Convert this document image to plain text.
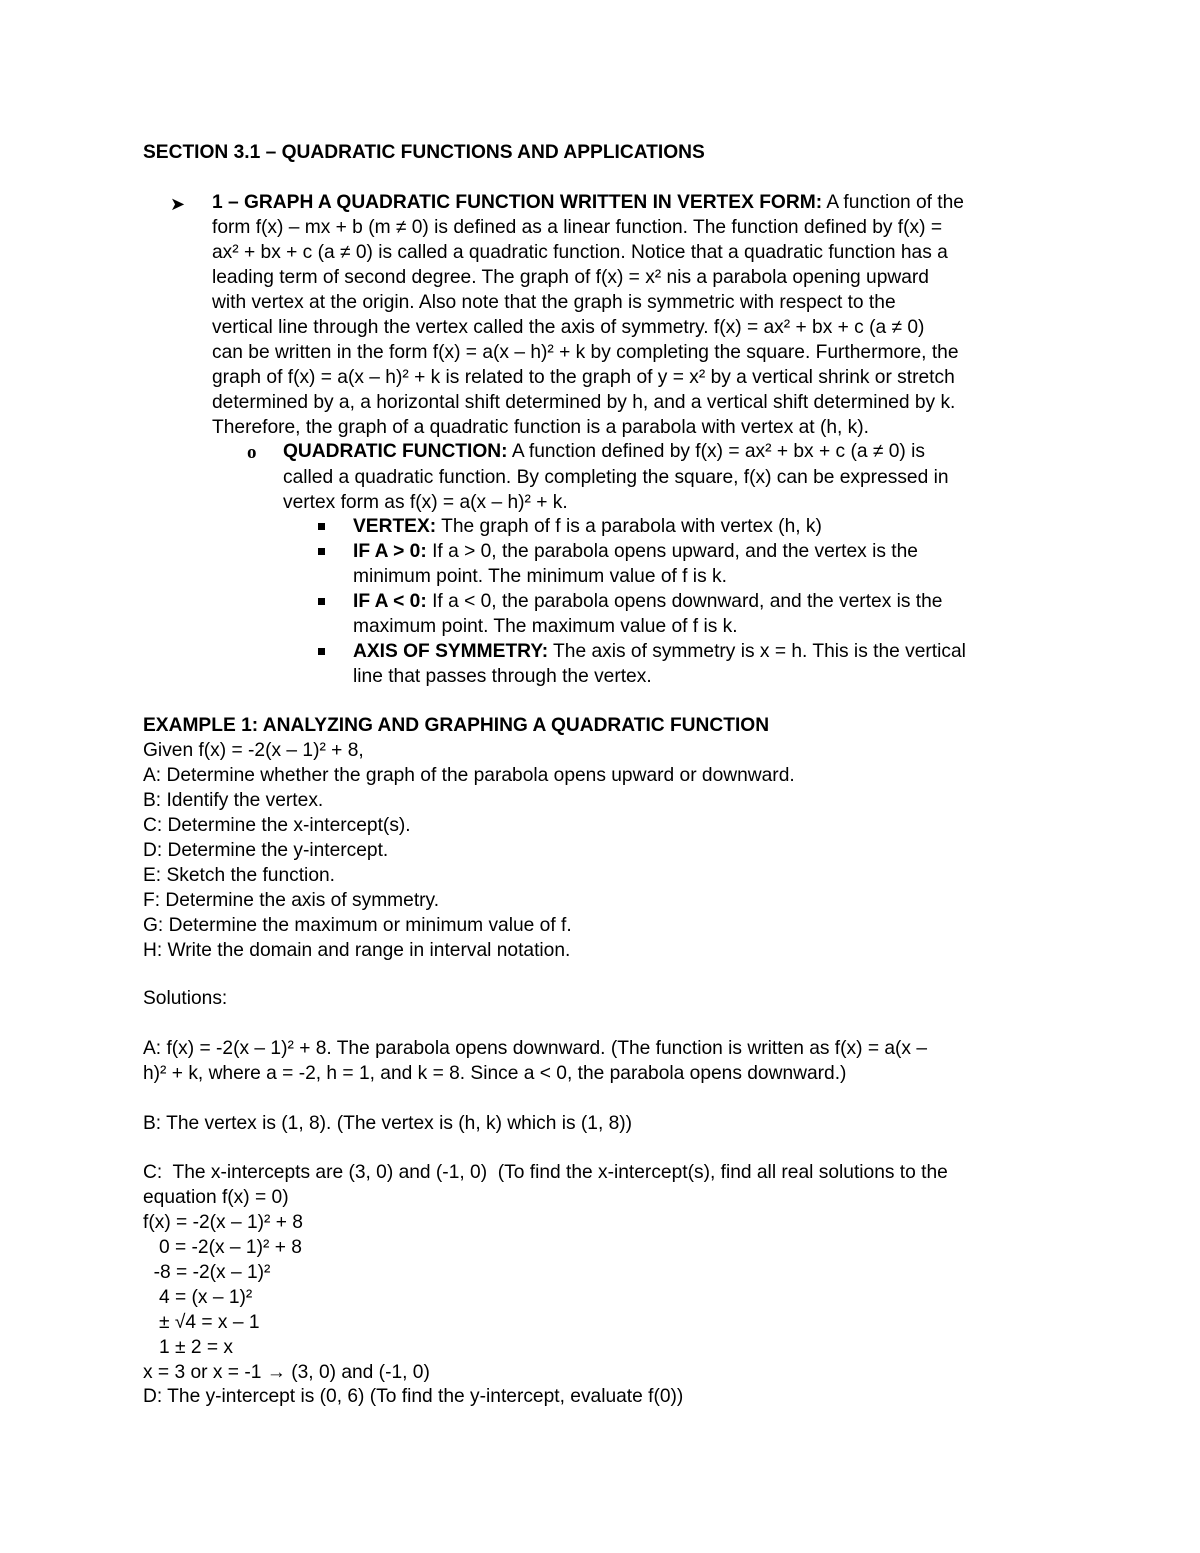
SECTION 3.1 – QUADRATIC FUNCTIONS AND APPLICATIONS
➤ 1 – GRAPH A QUADRATIC FUNCTION WRITTEN IN VERTEX FORM: A function of the
form f(x) – mx + b (m ≠ 0) is defined as a linear function. The function defined by f(x) =
ax² + bx + c (a ≠ 0) is called a quadratic function. Notice that a quadratic function has a
leading term of second degree. The graph of f(x) = x² nis a parabola opening upward
with vertex at the origin. Also note that the graph is symmetric with respect to the
vertical line through the vertex called the axis of symmetry. f(x) = ax² + bx + c (a ≠ 0)
can be written in the form f(x) = a(x – h)² + k by completing the square. Furthermore, the
graph of f(x) = a(x – h)² + k is related to the graph of y = x² by a vertical shrink or stretch
determined by a, a horizontal shift determined by h, and a vertical shift determined by k.
Therefore, the graph of a quadratic function is a parabola with vertex at (h, k).
o QUADRATIC FUNCTION: A function defined by f(x) = ax² + bx + c (a ≠ 0) is
called a quadratic function. By completing the square, f(x) can be expressed in
vertex form as f(x) = a(x – h)² + k.
VERTEX: The graph of f is a parabola with vertex (h, k)
IF A > 0: If a > 0, the parabola opens upward, and the vertex is the
minimum point. The minimum value of f is k.
IF A < 0: If a < 0, the parabola opens downward, and the vertex is the
maximum point. The maximum value of f is k.
AXIS OF SYMMETRY: The axis of symmetry is x = h. This is the vertical
line that passes through the vertex.
EXAMPLE 1: ANALYZING AND GRAPHING A QUADRATIC FUNCTION
Given f(x) = -2(x – 1)² + 8,
A: Determine whether the graph of the parabola opens upward or downward.
B: Identify the vertex.
C: Determine the x-intercept(s).
D: Determine the y-intercept.
E: Sketch the function.
F: Determine the axis of symmetry.
G: Determine the maximum or minimum value of f.
H: Write the domain and range in interval notation.
Solutions:
A: f(x) = -2(x – 1)² + 8. The parabola opens downward. (The function is written as f(x) = a(x –
h)² + k, where a = -2, h = 1, and k = 8. Since a < 0, the parabola opens downward.)
B: The vertex is (1, 8). (The vertex is (h, k) which is (1, 8))
C:  The x-intercepts are (3, 0) and (-1, 0)  (To find the x-intercept(s), find all real solutions to the
equation f(x) = 0)
f(x) = -2(x – 1)² + 8
0 = -2(x – 1)² + 8
-8 = -2(x – 1)²
4 = (x – 1)²
± √4 = x – 1
1 ± 2 = x
x = 3 or x = -1 → (3, 0) and (-1, 0)
D: The y-intercept is (0, 6) (To find the y-intercept, evaluate f(0))
